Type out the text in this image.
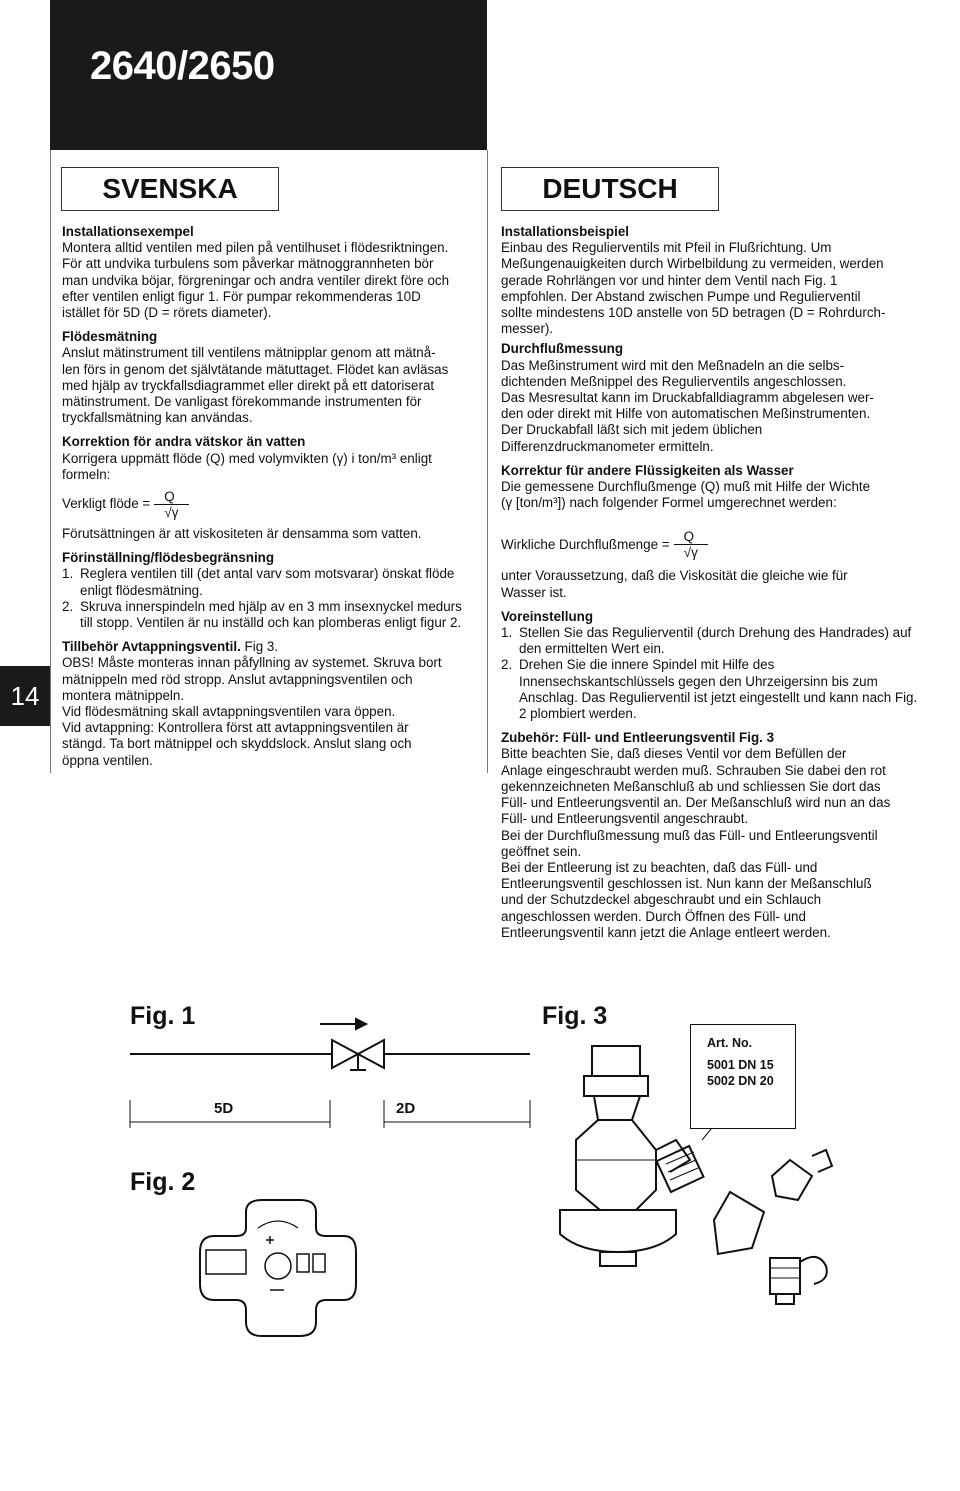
2640/2650
SVENSKA	DEUTSCH
14
Installationsexempel

Montera alltid ventilen med pilen på ventilhuset i flödesriktningen.

För att undvika turbulens som påverkar mätnoggrannheten bör

man undvika böjar, förgreningar och andra ventiler direkt före och

efter ventilen enligt figur 1. För pumpar rekommenderas 10D

istället för 5D (D = rörets diameter).

Flödesmätning

Anslut mätinstrument till ventilens mätnipplar genom att mätnå-

len förs in genom det självtätande mätuttaget. Flödet kan avläsas

med hjälp av tryckfallsdiagrammet eller direkt på ett datoriserat

mätinstrument. De vanligast förekommande instrumenten för

tryckfallsmätning kan användas.

Korrektion för andra vätskor än vatten

Korrigera uppmätt flöde (Q) med volymvikten (γ) i ton/m³ enligt

formeln:

Verkligt flöde = $\frac{Q}{√\gamma}$

Förutsättningen är att viskositeten är densamma som vatten.

Förinställning/flödesbegränsning
1. Reglera ventilen till (det antal varv som motsvarar) önskat flöde enligt flödesmätning.
2. Skruva innerspindeln med hjälp av en 3 mm insexnyckel medurs till stopp. Ventilen är nu inställd och kan plomberas enligt figur 2.

Tillbehör Avtappningsventil. Fig 3.

OBS! Måste monteras innan påfyllning av systemet. Skruva bort

mätnippeln med röd stropp. Anslut avtappningsventilen och

montera mätnippeln.

Vid flödesmätning skall avtappningsventilen vara öppen.

Vid avtappning: Kontrollera först att avtappningsventilen är

stängd. Ta bort mätnippel och skyddslock. Anslut slang och

öppna ventilen.

Installationsbeispiel

Einbau des Regulierventils mit Pfeil in Flußrichtung. Um

Meßungenauigkeiten durch Wirbelbildung zu vermeiden, werden

gerade Rohrlängen vor und hinter dem Ventil nach Fig. 1

empfohlen. Der Abstand zwischen Pumpe und Regulierventil

sollte mindestens 10D anstelle von 5D betragen (D = Rohrdurch-

messer).

Durchflußmessung

Das Meßinstrument wird mit den Meßnadeln an die selbs-

dichtenden Meßnippel des Regulierventils angeschlossen.

Das Mesresultat kann im Druckabfalldiagramm abgelesen wer-

den oder direkt mit Hilfe von automatischen Meßinstrumenten.

Der Druckabfall läßt sich mit jedem üblichen

Differenzdruckmanometer ermitteln.

Korrektur für andere Flüssigkeiten als Wasser

Die gemessene Durchflußmenge (Q) muß mit Hilfe der Wichte

(γ [ton/m³]) nach folgender Formel umgerechnet werden:

Wirkliche Durchflußmenge = $\frac{Q}{√\gamma}$

unter Voraussetzung, daß die Viskosität die gleiche wie für

Wasser ist.

Voreinstellung
1. Stellen Sie das Regulierventil (durch Drehung des Handrades) auf den ermittelten Wert ein.
2. Drehen Sie die innere Spindel mit Hilfe des Innensechskantschlüssels gegen den Uhrzeigersinn bis zum Anschlag. Das Regulierventil ist jetzt eingestellt und kann nach Fig. 2 plombiert werden.
Zubehör: Füll- und Entleerungsventil Fig. 3

Bitte beachten Sie, daß dieses Ventil vor dem Befüllen der

Anlage eingeschraubt werden muß. Schrauben Sie dabei den rot

gekennzeichneten Meßanschluß ab und schliessen Sie dort das

Füll- und Entleerungsventil an. Der Meßanschluß wird nun an das

Füll- und Entleerungsventil angeschraubt.

Bei der Durchflußmessung muß das Füll- und Entleerungsventil

geöffnet sein.

Bei der Entleerung ist zu beachten, daß das Füll- und

Entleerungsventil geschlossen ist. Nun kann der Meßanschluß

und der Schutzdeckel abgeschraubt und ein Schlauch

angeschlossen werden. Durch Öffnen des Füll- und

Entleerungsventil kann jetzt die Anlage entleert werden.

Fig. 1
5D	2D
Fig. 2
Fig. 3
Art. No.
5001 DN 15
5002 DN 20
